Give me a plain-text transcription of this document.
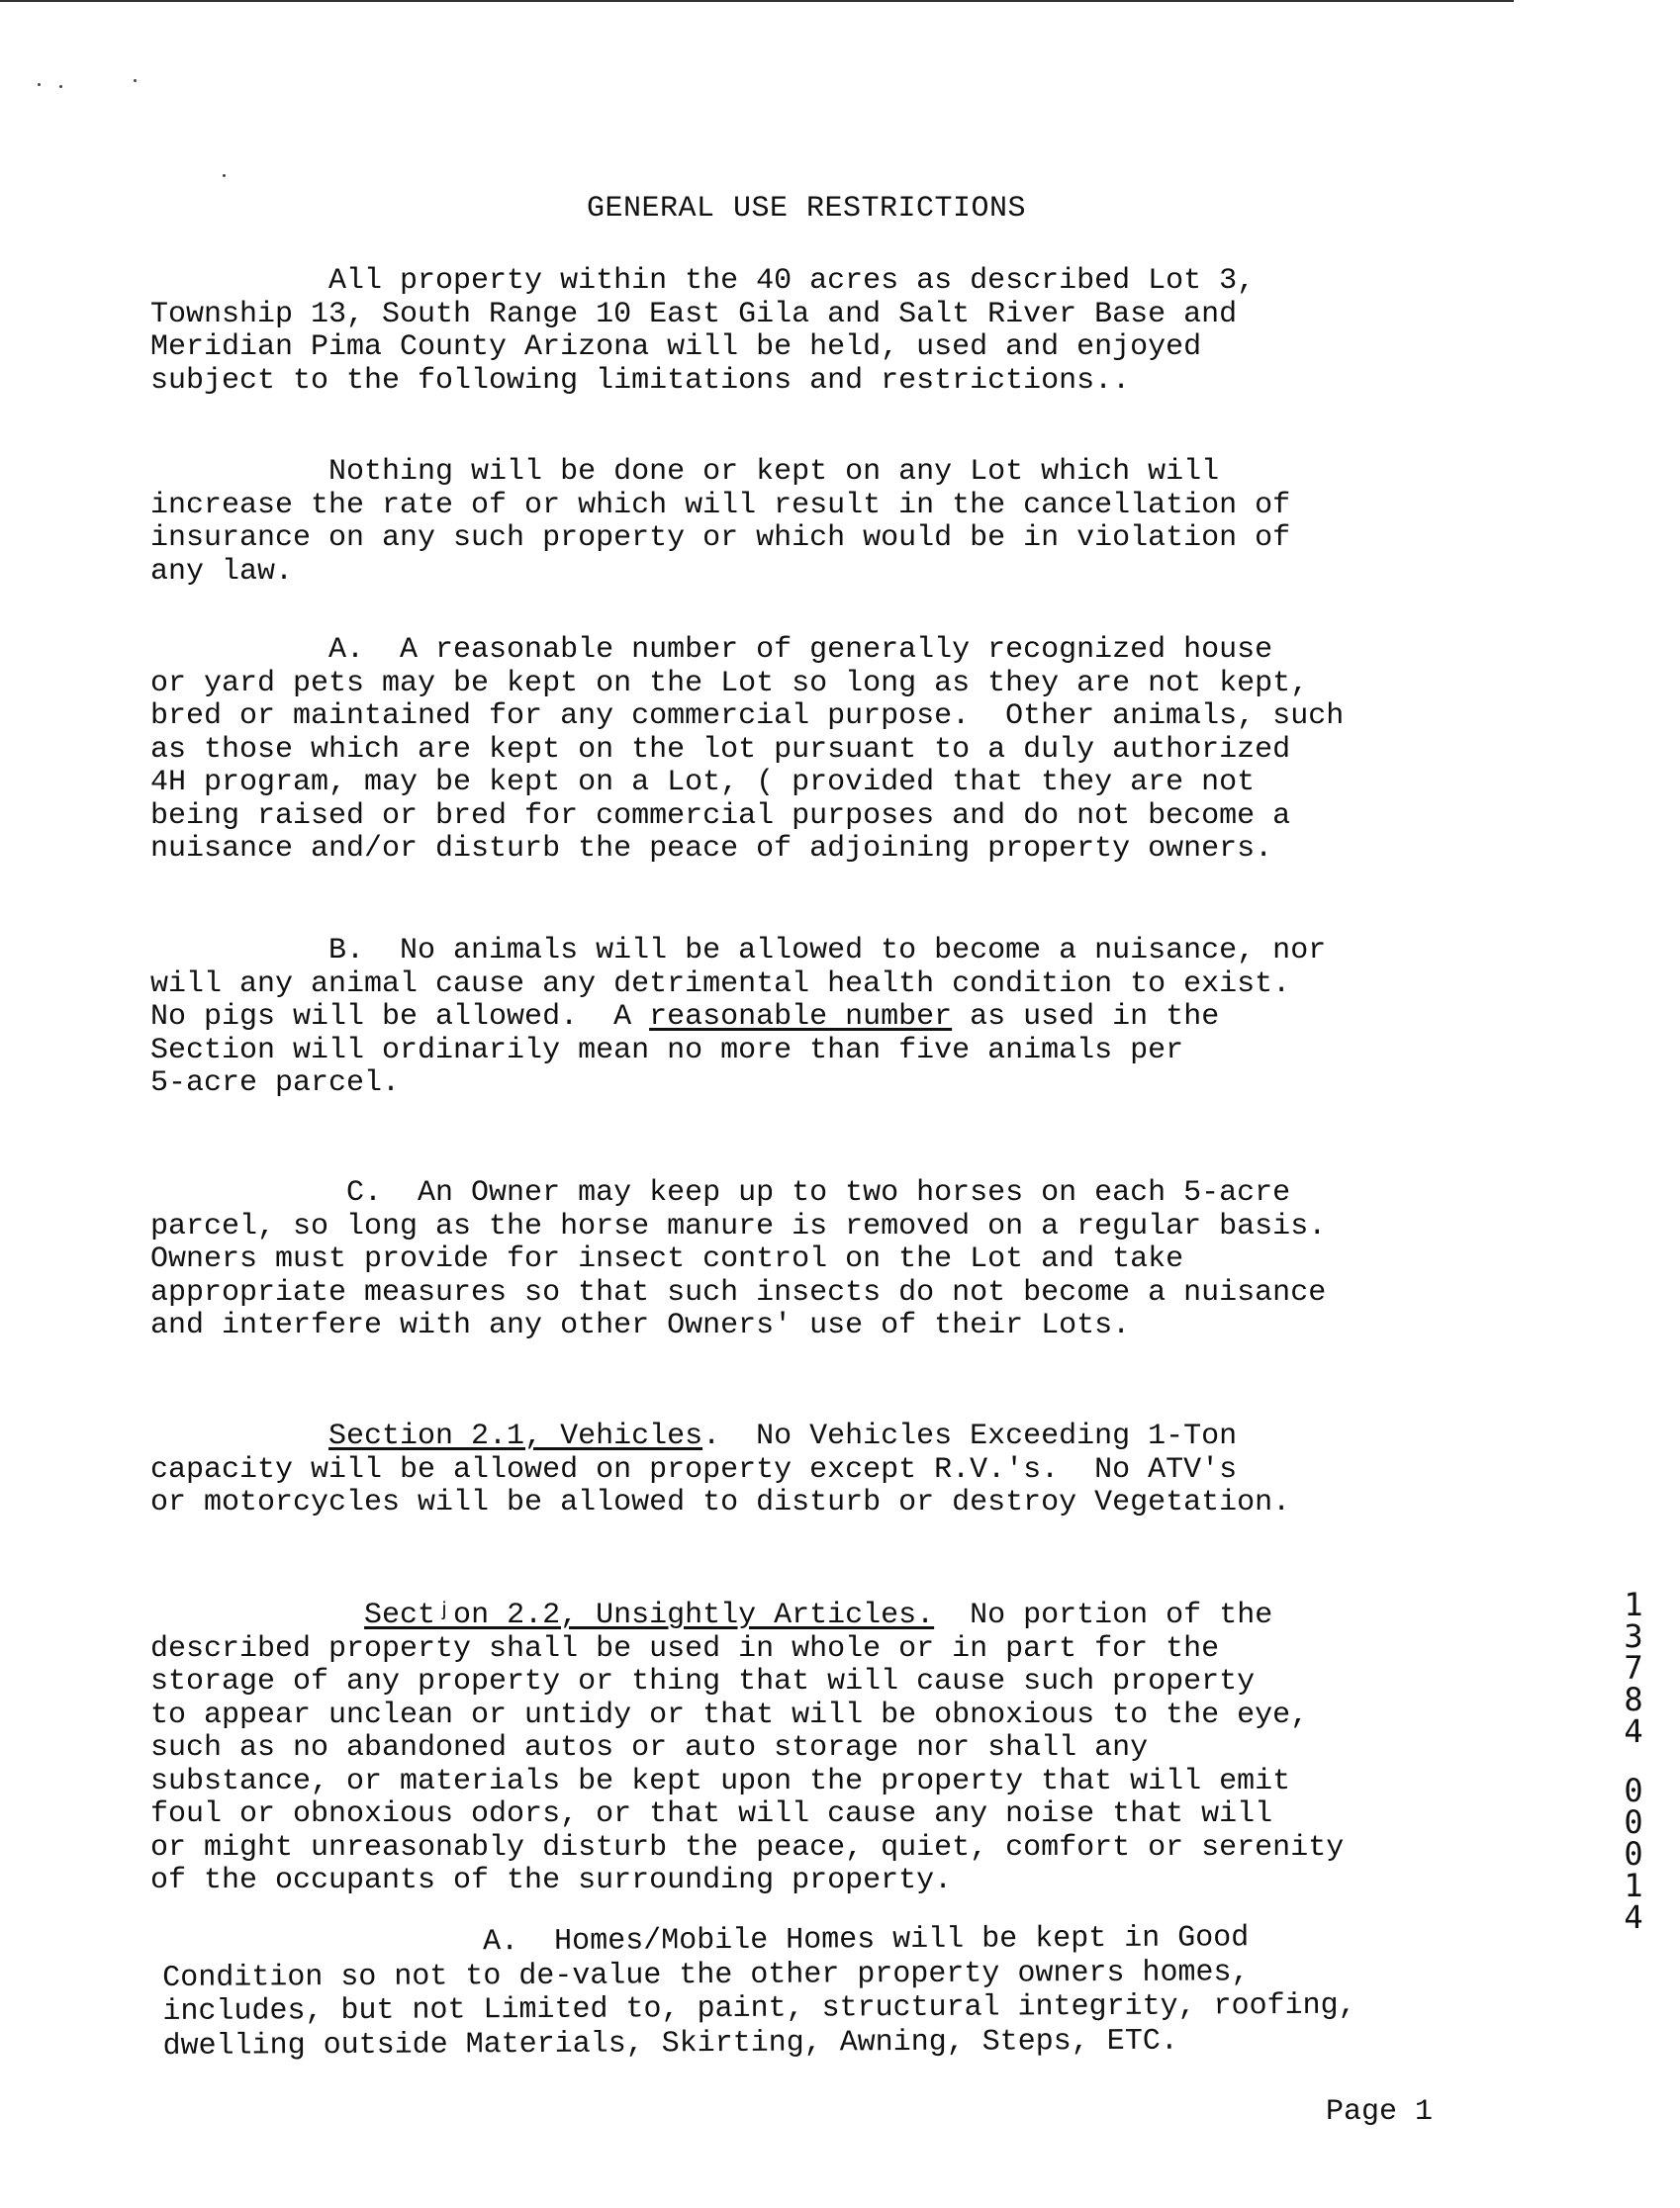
GENERAL USE RESTRICTIONS
All property within the 40 acres as described Lot 3,
Township 13, South Range 10 East Gila and Salt River Base and
Meridian Pima County Arizona will be held, used and enjoyed
subject to the following limitations and restrictions..
Nothing will be done or kept on any Lot which will
increase the rate of or which will result in the cancellation of
insurance on any such property or which would be in violation of
any law.
A.  A reasonable number of generally recognized house
or yard pets may be kept on the Lot so long as they are not kept,
bred or maintained for any commercial purpose.  Other animals, such
as those which are kept on the lot pursuant to a duly authorized
4H program, may be kept on a Lot, ( provided that they are not
being raised or bred for commercial purposes and do not become a
nuisance and/or disturb the peace of adjoining property owners.
B.  No animals will be allowed to become a nuisance, nor
will any animal cause any detrimental health condition to exist.
No pigs will be allowed.  A reasonable number as used in the
Section will ordinarily mean no more than five animals per
5-acre parcel.
C.  An Owner may keep up to two horses on each 5-acre
parcel, so long as the horse manure is removed on a regular basis.
Owners must provide for insect control on the Lot and take
appropriate measures so that such insects do not become a nuisance
and interfere with any other Owners' use of their Lots.
Section 2.1, Vehicles.  No Vehicles Exceeding 1-Ton
capacity will be allowed on property except R.V.'s.  No ATV's
or motorcycles will be allowed to disturb or destroy Vegetation.
Sectʲon 2.2, Unsightly Articles.  No portion of the
described property shall be used in whole or in part for the
storage of any property or thing that will cause such property
to appear unclean or untidy or that will be obnoxious to the eye,
such as no abandoned autos or auto storage nor shall any
substance, or materials be kept upon the property that will emit
foul or obnoxious odors, or that will cause any noise that will
or might unreasonably disturb the peace, quiet, comfort or serenity
of the occupants of the surrounding property.
A.  Homes/Mobile Homes will be kept in Good
Condition so not to de-value the other property owners homes,
includes, but not Limited to, paint, structural integrity, roofing,
dwelling outside Materials, Skirting, Awning, Steps, ETC.
Page 1
1
3
7
8
4
0
0
0
1
4
